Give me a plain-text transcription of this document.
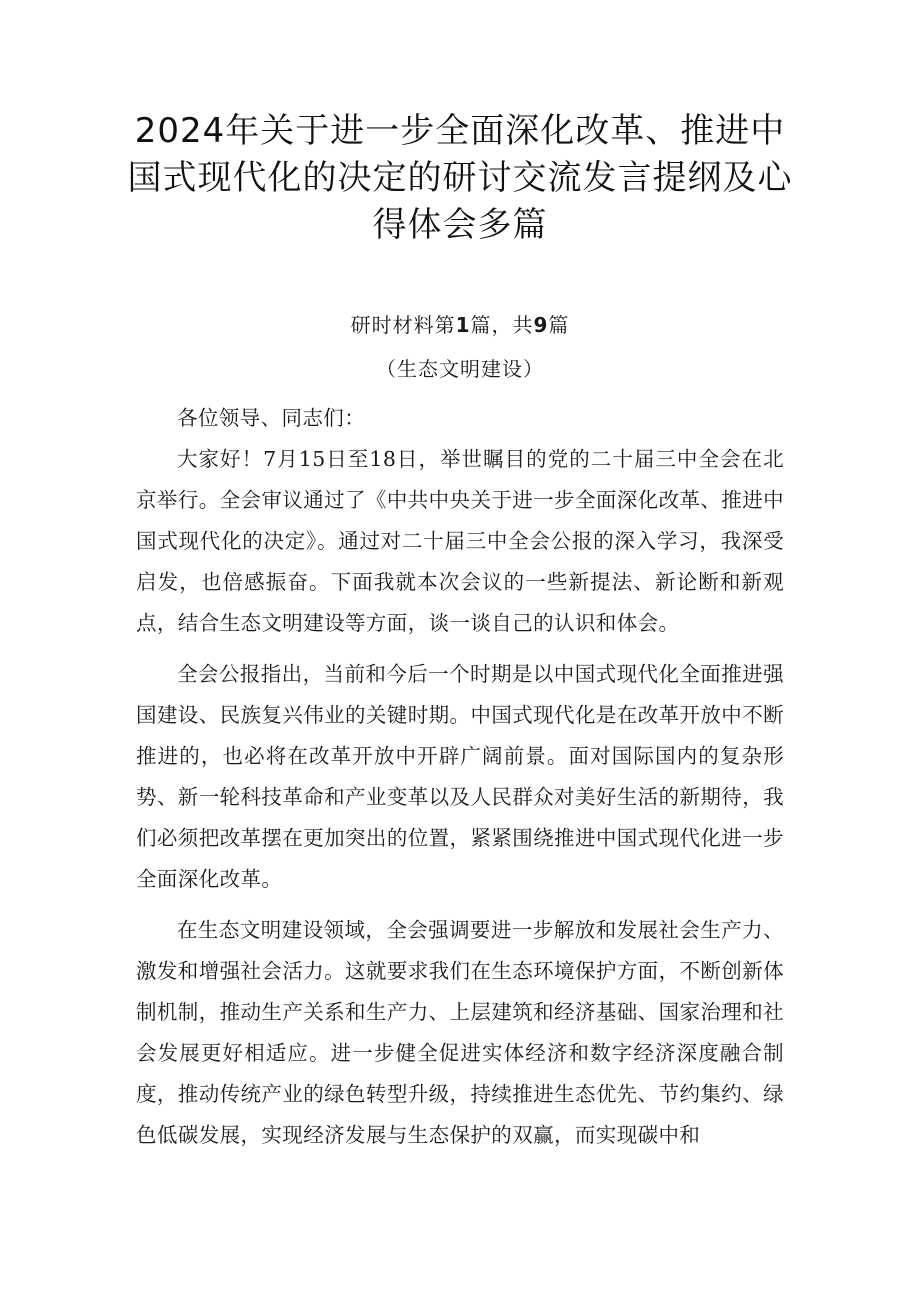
2024年关于进一步全面深化改革、推进中国式现代化的决定的研讨交流发言提纲及心得体会多篇
研时材料第1篇，共9篇
（生态文明建设）

各位领导、同志们：

大家好！7月15日至18日，举世瞩目的党的二十届三中全会在北京举行。全会审议通过了《中共中央关于进一步全面深化改革、推进中国式现代化的决定》。通过对二十届三中全会公报的深入学习，我深受启发，也倍感振奋。下面我就本次会议的一些新提法、新论断和新观点，结合生态文明建设等方面，谈一谈自己的认识和体会。

全会公报指出，当前和今后一个时期是以中国式现代化全面推进强国建设、民族复兴伟业的关键时期。中国式现代化是在改革开放中不断推进的，也必将在改革开放中开辟广阔前景。面对国际国内的复杂形势、新一轮科技革命和产业变革以及人民群众对美好生活的新期待，我们必须把改革摆在更加突出的位置，紧紧围绕推进中国式现代化进一步全面深化改革。

在生态文明建设领域，全会强调要进一步解放和发展社会生产力、激发和增强社会活力。这就要求我们在生态环境保护方面，不断创新体制机制，推动生产关系和生产力、上层建筑和经济基础、国家治理和社会发展更好相适应。进一步健全促进实体经济和数字经济深度融合制度，推动传统产业的绿色转型升级，持续推进生态优先、节约集约、绿色低碳发展，实现经济发展与生态保护的双赢，而实现碳中和
